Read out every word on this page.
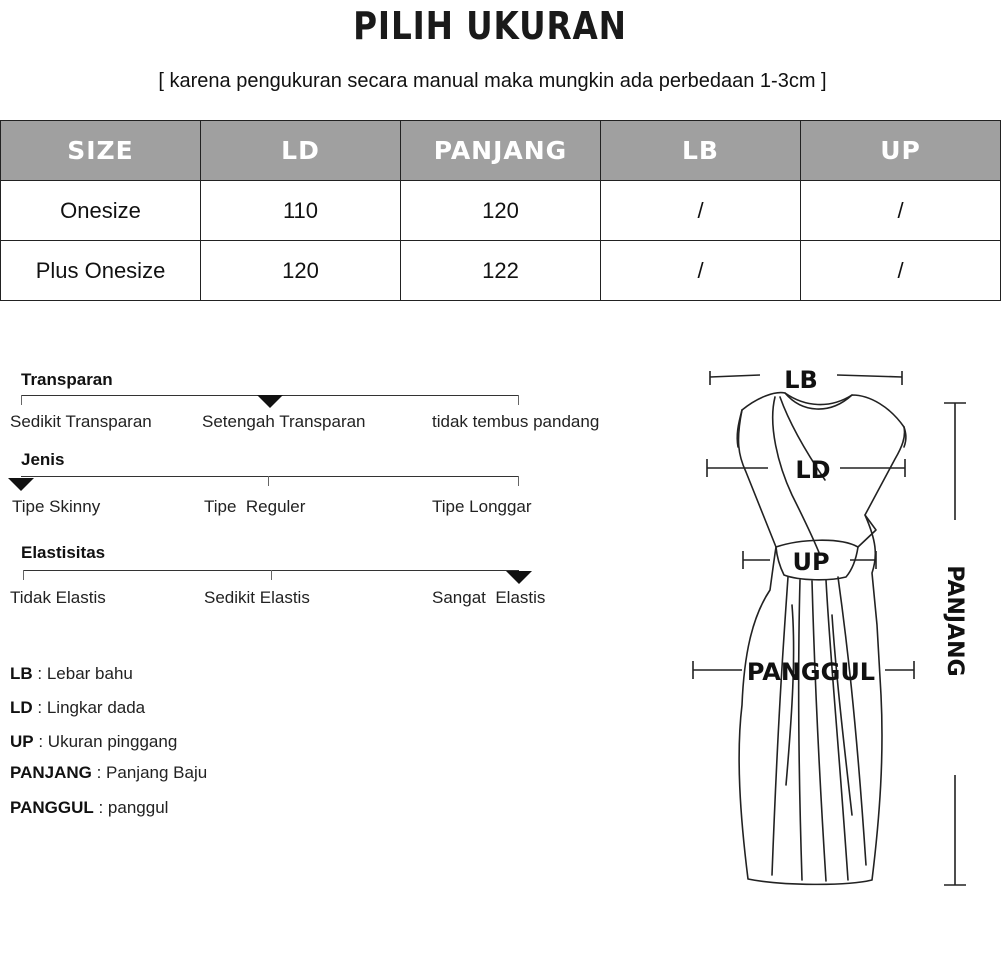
PILIH UKURAN
[ karena pengukuran secara manual maka mungkin ada perbedaan 1-3cm ]
SIZE	LD	PANJANG	LB	UP
Onesize	110	120	/	/
Plus Onesize	120	122	/	/
Transparan
Sedikit Transparan	Setengah Transparan	tidak tembus pandang
Jenis
Tipe Skinny	Tipe  Reguler	Tipe Longgar
Elastisitas
Tidak Elastis	Sedikit Elastis	Sangat  Elastis
LB : Lebar bahu
LD : Lingkar dada
UP : Ukuran pinggang
PANJANG : Panjang Baju
PANGGUL : panggul
LB
LD
UP
PANGGUL	PANJANG
